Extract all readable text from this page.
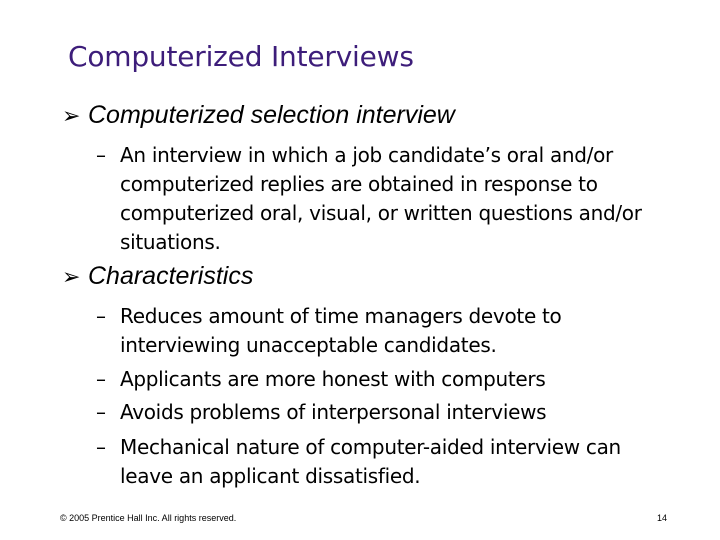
Computerized Interviews
➢ Computerized selection interview
– An interview in which a job candidate’s oral and/or computerized replies are obtained in response to computerized oral, visual, or written questions and/or situations.
➢ Characteristics
– Reduces amount of time managers devote to interviewing unacceptable candidates.
– Applicants are more honest with computers
– Avoids problems of interpersonal interviews
– Mechanical nature of computer-aided interview can leave an applicant dissatisfied.
© 2005 Prentice Hall Inc. All rights reserved.	14
